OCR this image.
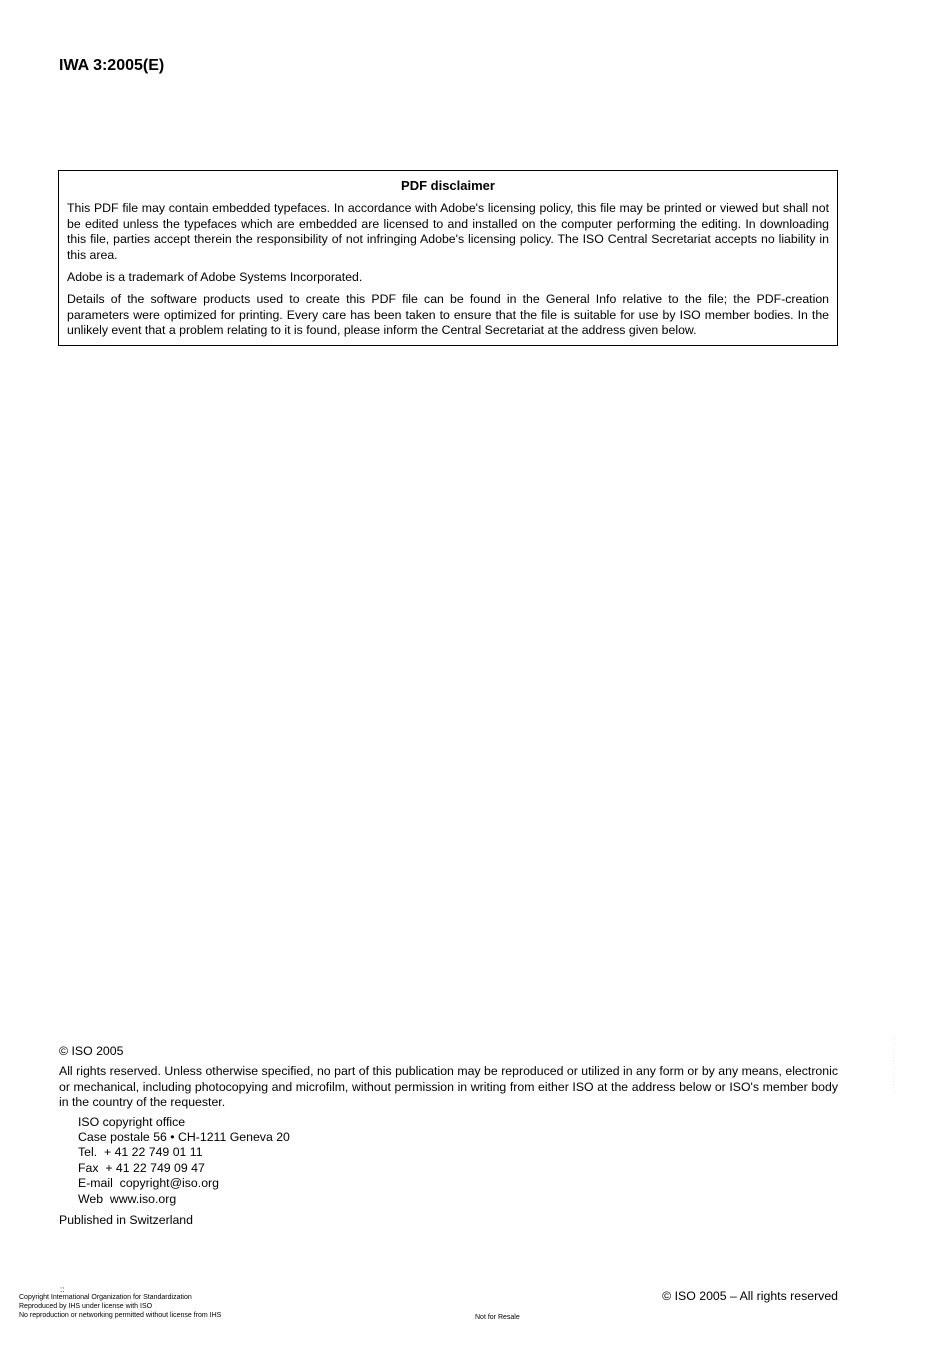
IWA 3:2005(E)
PDF disclaimer

This PDF file may contain embedded typefaces. In accordance with Adobe's licensing policy, this file may be printed or viewed but shall not be edited unless the typefaces which are embedded are licensed to and installed on the computer performing the editing. In downloading this file, parties accept therein the responsibility of not infringing Adobe's licensing policy. The ISO Central Secretariat accepts no liability in this area.

Adobe is a trademark of Adobe Systems Incorporated.

Details of the software products used to create this PDF file can be found in the General Info relative to the file; the PDF-creation parameters were optimized for printing. Every care has been taken to ensure that the file is suitable for use by ISO member bodies. In the unlikely event that a problem relating to it is found, please inform the Central Secretariat at the address given below.

© ISO 2005
All rights reserved. Unless otherwise specified, no part of this publication may be reproduced or utilized in any form or by any means, electronic or mechanical, including photocopying and microfilm, without permission in writing from either ISO at the address below or ISO's member body in the country of the requester.
ISO copyright office
Case postale 56 • CH-1211 Geneva 20
Tel.  + 41 22 749 01 11
Fax  + 41 22 749 09 47
E-mail  copyright@iso.org
Web  www.iso.org
Published in Switzerland
: : : : : : : : : :
::
Copyright International Organization for Standardization
Reproduced by IHS under license with ISO
No reproduction or networking permitted without license from IHS	Not for Resale
© ISO 2005 – All rights reserved
